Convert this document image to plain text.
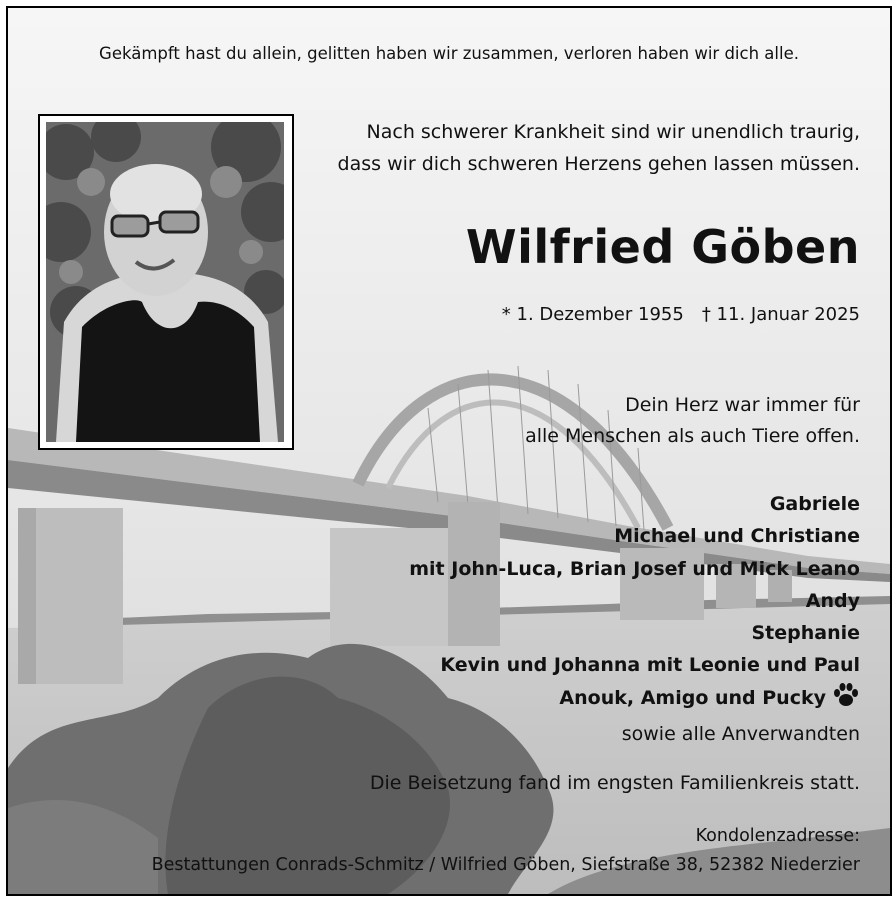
Gekämpft hast du allein, gelitten haben wir zusammen, verloren haben wir dich alle.
Nach schwerer Krankheit sind wir unendlich traurig,
dass wir dich schweren Herzens gehen lassen müssen.
Wilfried Göben
* 1. Dezember 1955 † 11. Januar 2025
Dein Herz war immer für
alle Menschen als auch Tiere offen.
Gabriele
Michael und Christiane
mit John-Luca, Brian Josef und Mick Leano
Andy
Stephanie
Kevin und Johanna mit Leonie und Paul
Anouk, Amigo und Pucky
sowie alle Anverwandten
Die Beisetzung fand im engsten Familienkreis statt.
Kondolenzadresse:
Bestattungen Conrads-Schmitz / Wilfried Göben, Siefstraße 38, 52382 Niederzier
